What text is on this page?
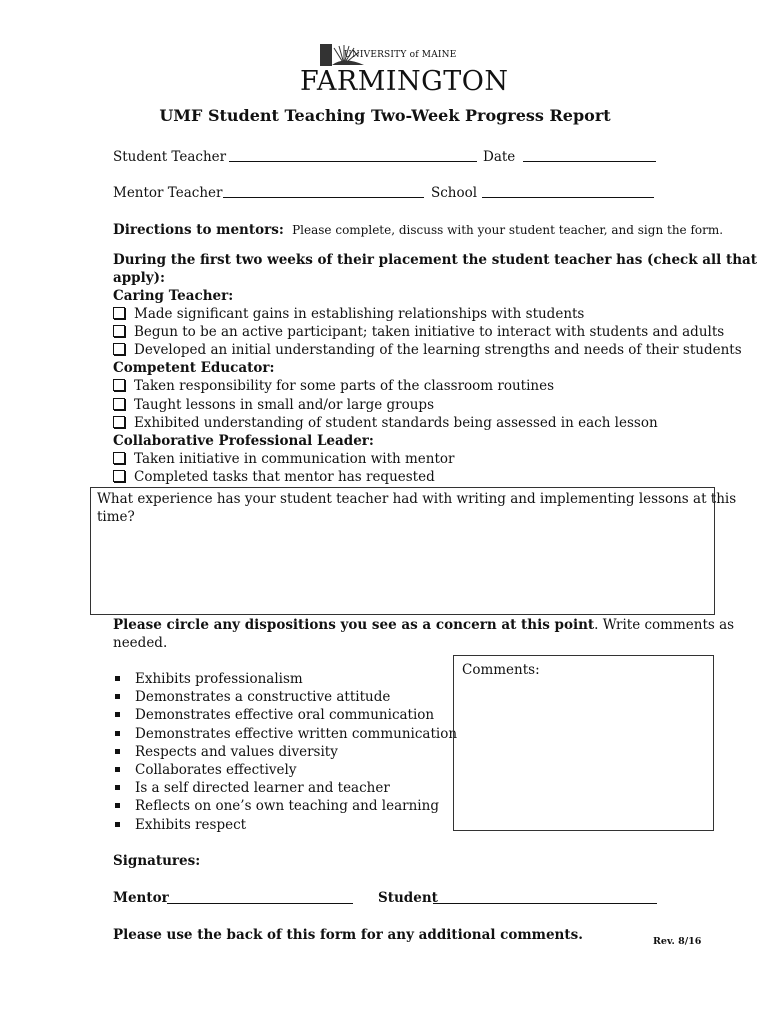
UNIVERSITY of MAINE
FARMINGTON
UMF Student Teaching Two-Week Progress Report
Student Teacher	Date
Mentor Teacher	School
Directions to mentors: Please complete, discuss with your student teacher, and sign the form.
During the first two weeks of their placement the student teacher has (check all that
apply):
Caring Teacher:
Made significant gains in establishing relationships with students
Begun to be an active participant; taken initiative to interact with students and adults
Developed an initial understanding of the learning strengths and needs of their students
Competent Educator:
Taken responsibility for some parts of the classroom routines
Taught lessons in small and/or large groups
Exhibited understanding of student standards being assessed in each lesson
Collaborative Professional Leader:
Taken initiative in communication with mentor
Completed tasks that mentor has requested
What experience has your student teacher had with writing and implementing lessons at this
time?
Please circle any dispositions you see as a concern at this point. Write comments as
needed.
Exhibits professionalism
Demonstrates a constructive attitude
Demonstrates effective oral communication
Demonstrates effective written communication
Respects and values diversity
Collaborates effectively
Is a self directed learner and teacher
Reflects on one’s own teaching and learning
Exhibits respect
Comments:
Signatures:
Mentor	Student
Please use the back of this form for any additional comments.	Rev. 8/16
